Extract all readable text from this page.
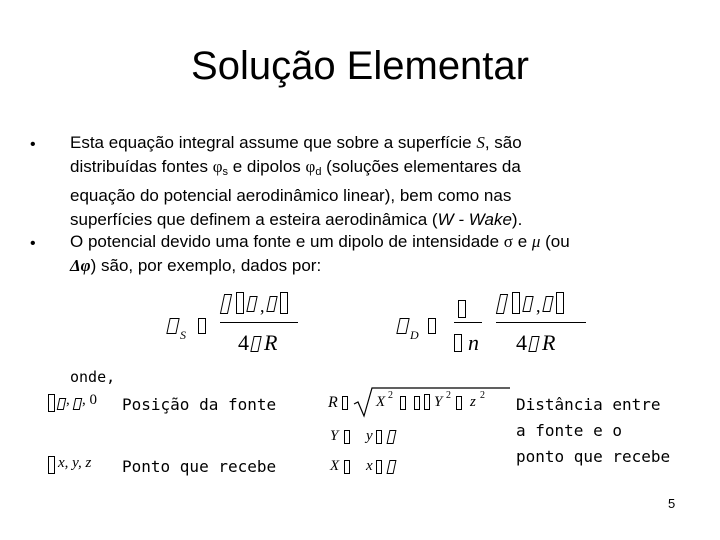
Solução Elementar
• Esta equação integral assume que sobre a superfície S, são
distribuídas fontes $\varphi_s$ e dipolos $\varphi_d$ (soluções elementares da
equação do potencial aerodinâmico linear), bem como nas
superfícies que definem a esteira aerodinâmica (W - Wake).
• O potencial devido uma fonte e um dipolo de intensidade σ e μ (ou
Δφ) são, por exemplo, dados por:
S
,
4 R	D n
,
4 R
onde,
, , 0 Posição da fonte
x, y, z Ponto que recebe
R	X 2	Y 2 z 2
Y y
X x
Distância entre
a fonte e o
ponto que recebe
5
